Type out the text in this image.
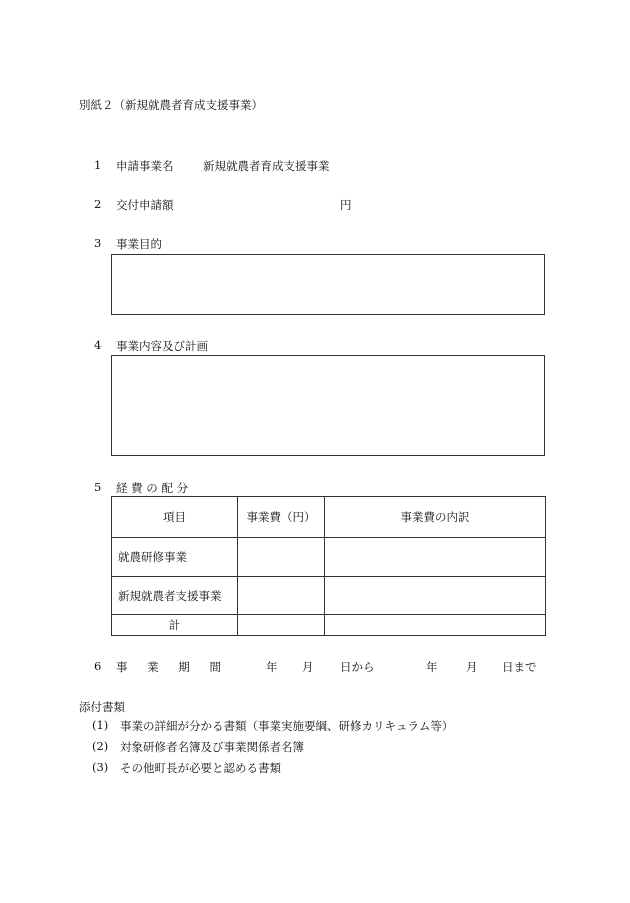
別紙２（新規就農者育成支援事業）
1 申請事業名	新規就農者育成支援事業
2 交付申請額	円
3 事業目的
4 事業内容及び計画
5 経 費 の 配 分
項目	事業費（円）	事業費の内訳
就農研修事業		
新規就農者支援事業		
計		
6 事 業 期 間	年 月 日から	年 月 日まで
添付書類
(1) 事業の詳細が分かる書類（事業実施要綱、研修カリキュラム等）
(2) 対象研修者名簿及び事業関係者名簿
(3) その他町長が必要と認める書類
